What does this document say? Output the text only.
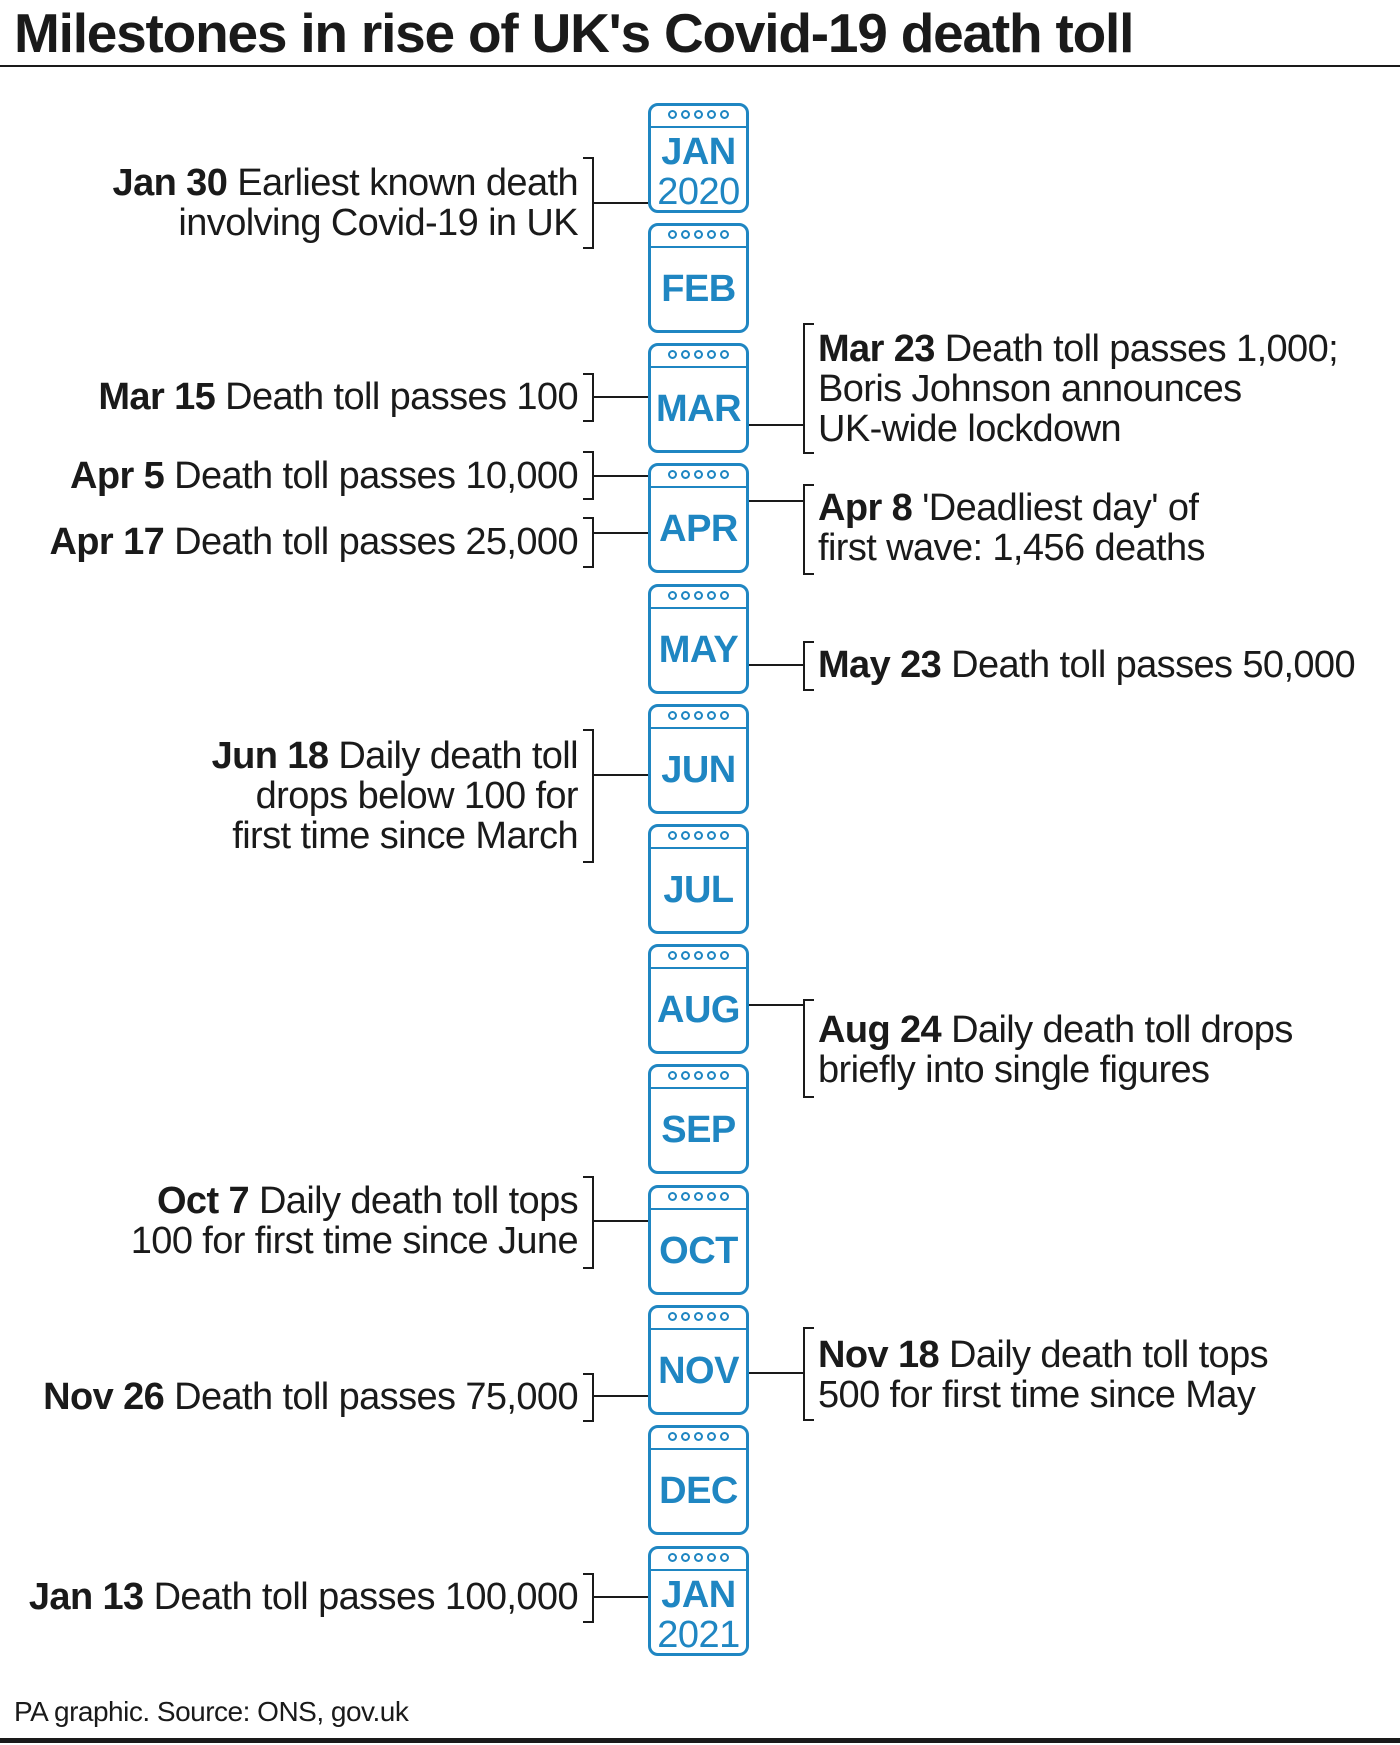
Milestones in rise of UK's Covid-19 death toll
JAN
2020
FEB
MAR
APR
MAY
JUN
JUL
AUG
SEP
OCT
NOV
DEC
JAN
2021
Jan 30 Earliest known death
involving Covid-19 in UK
Mar 15 Death toll passes 100
Apr 5 Death toll passes 10,000
Apr 17 Death toll passes 25,000
Jun 18 Daily death toll
drops below 100 for
first time since March
Oct 7 Daily death toll tops
100 for first time since June
Nov 26 Death toll passes 75,000
Jan 13 Death toll passes 100,000
Mar 23 Death toll passes 1,000;
Boris Johnson announces
UK-wide lockdown
Apr 8 'Deadliest day' of
first wave: 1,456 deaths
May 23 Death toll passes 50,000
Aug 24 Daily death toll drops
briefly into single figures
Nov 18 Daily death toll tops
500 for first time since May
PA graphic. Source: ONS, gov.uk
